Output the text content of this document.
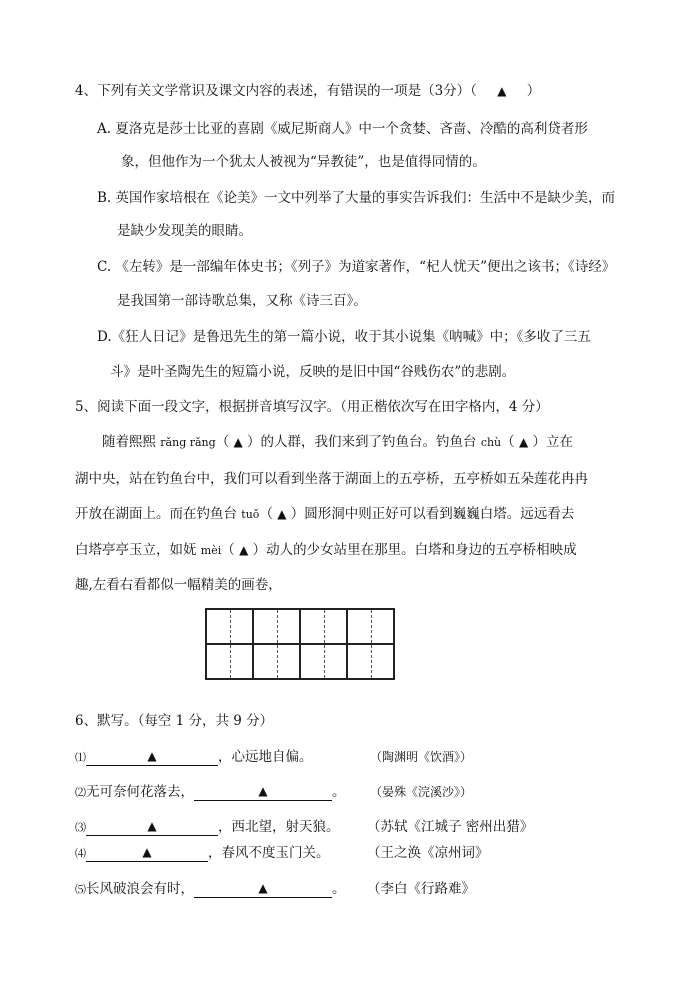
4、下列有关文学常识及课文内容的表述，有错误的一项是（3分）（ ▲ ）
A. 夏洛克是莎士比亚的喜剧《威尼斯商人》中一个贪婪、吝啬、冷酷的高利贷者形
象，但他作为一个犹太人被视为“异教徒”，也是值得同情的。
B. 英国作家培根在《论美》一文中列举了大量的事实告诉我们：生活中不是缺少美，而
是缺少发现美的眼睛。
C. 《左转》是一部编年体史书；《列子》为道家著作，“杞人忧天”便出之该书；《诗经》
是我国第一部诗歌总集，又称《诗三百》。
D.《狂人日记》是鲁迅先生的第一篇小说，收于其小说集《呐喊》中；《多收了三五
斗》是叶圣陶先生的短篇小说，反映的是旧中国“谷贱伤农”的悲剧。
5、阅读下面一段文字，根据拼音填写汉字。（用正楷依次写在田字格内，4 分）
随着熙熙 rǎng rǎng（ ▲ ）的人群，我们来到了钓鱼台。钓鱼台 chù（ ▲ ）立在
湖中央，站在钓鱼台中，我们可以看到坐落于湖面上的五亭桥，五亭桥如五朵莲花冉冉
开放在湖面上。而在钓鱼台 tuǒ（ ▲ ）圆形洞中则正好可以看到巍巍白塔。远远看去
白塔亭亭玉立，如妩 mèi（ ▲ ）动人的少女站里在那里。白塔和身边的五亭桥相映成
趣,左看右看都似一幅精美的画卷，
6、默写。（每空 1 分，共 9 分）
⑴	▲	，心远地自偏。	（陶渊明《饮酒》）
⑵无可奈何花落去，	▲	。 （晏殊《浣溪沙》）
⑶	▲	，西北望，射天狼。 （苏轼《江城子 密州出猎》
⑷	▲	，春风不度玉门关。	（王之涣《凉州词》
⑸长风破浪会有时，	▲	。 （李白《行路难》
